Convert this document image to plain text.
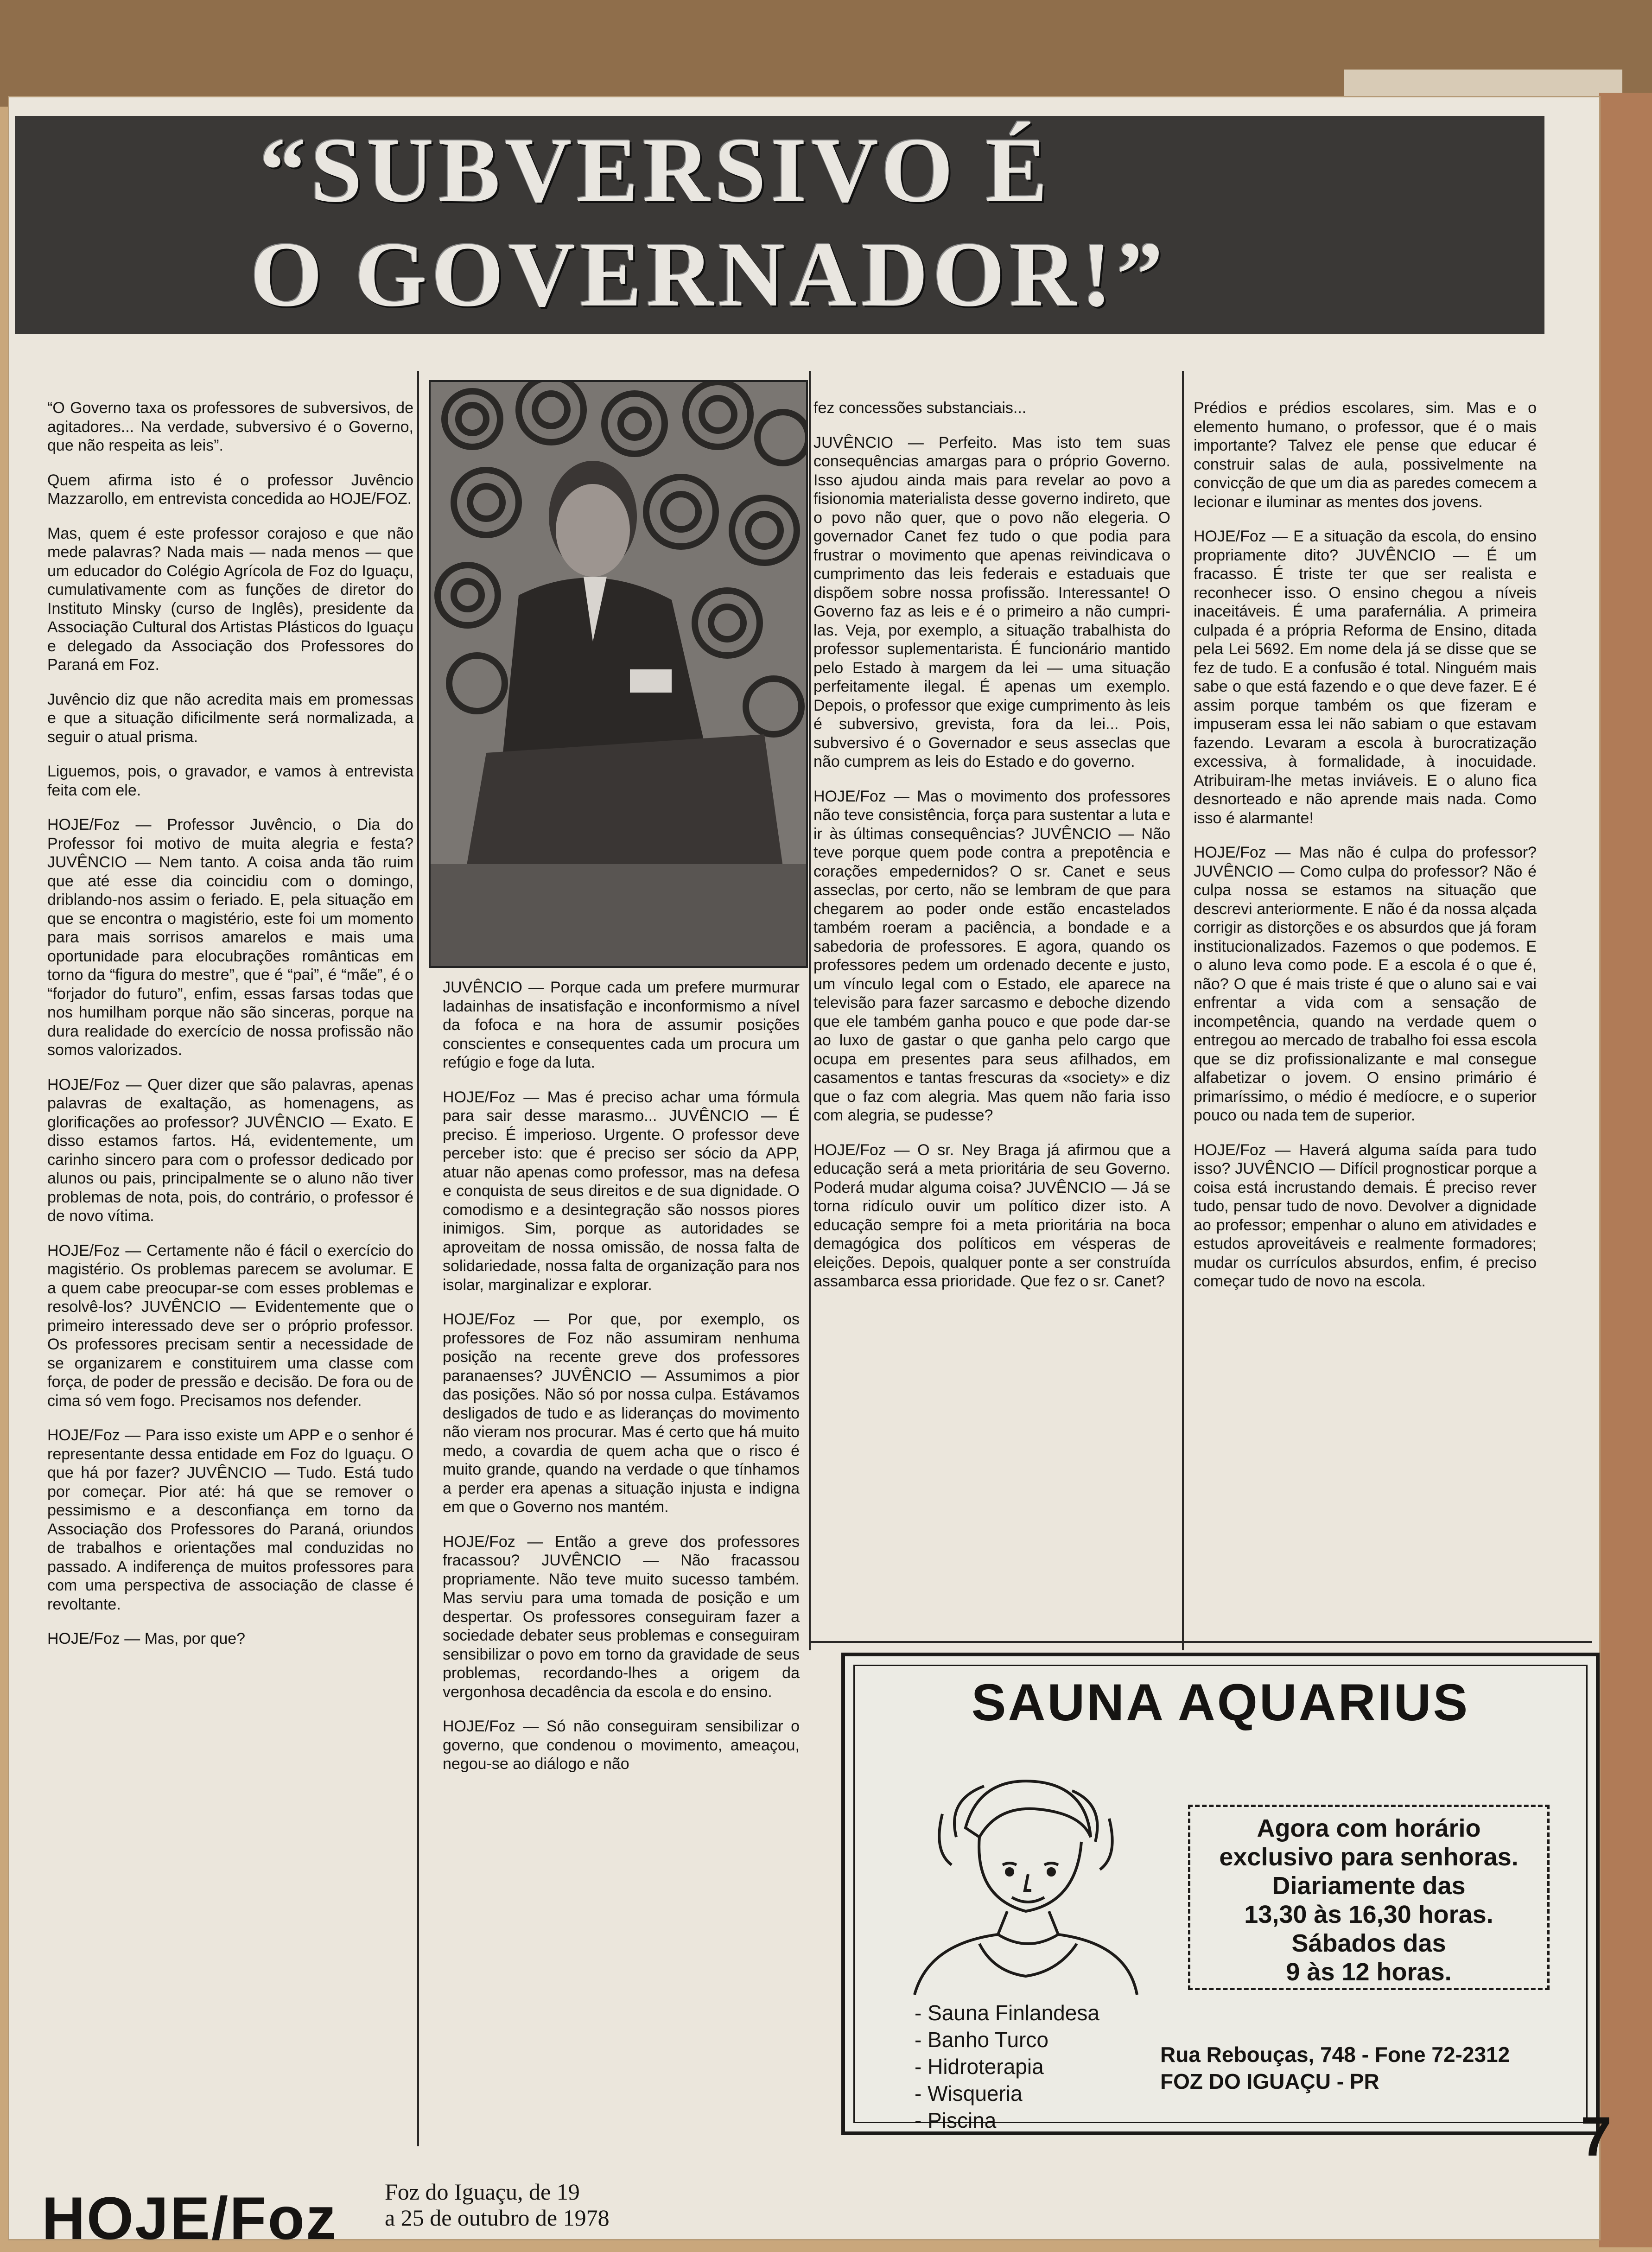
“SUBVERSIVO É
O GOVERNADOR!”

“O Governo taxa os professores de subversivos, de agitadores... Na verdade, subversivo é o Governo, que não respeita as leis”.

Quem afirma isto é o professor Juvêncio Mazzarollo, em entrevista concedida ao HOJE/FOZ.

Mas, quem é este professor corajoso e que não mede palavras? Nada mais — nada menos — que um educador do Colégio Agrícola de Foz do Iguaçu, cumulativamente com as funções de diretor do Instituto Minsky (curso de Inglês), presidente da Associação Cultural dos Artistas Plásticos do Iguaçu e delegado da Associação dos Professores do Paraná em Foz.

Juvêncio diz que não acredita mais em promessas e que a situação dificilmente será normalizada, a seguir o atual prisma.

Liguemos, pois, o gravador, e vamos à entrevista feita com ele.

HOJE/Foz — Professor Juvêncio, o Dia do Professor foi motivo de muita alegria e festa? JUVÊNCIO — Nem tanto. A coisa anda tão ruim que até esse dia coincidiu com o domingo, driblando-nos assim o feriado. E, pela situação em que se encontra o magistério, este foi um momento para mais sorrisos amarelos e mais uma oportunidade para elocubrações românticas em torno da “figura do mestre”, que é “pai”, é “mãe”, é o “forjador do futuro”, enfim, essas farsas todas que nos humilham porque não são sinceras, porque na dura realidade do exercício de nossa profissão não somos valorizados.

HOJE/Foz — Quer dizer que são palavras, apenas palavras de exaltação, as homenagens, as glorificações ao professor? JUVÊNCIO — Exato. E disso estamos fartos. Há, evidentemente, um carinho sincero para com o professor dedicado por alunos ou pais, principalmente se o aluno não tiver problemas de nota, pois, do contrário, o professor é de novo vítima.

HOJE/Foz — Certamente não é fácil o exercício do magistério. Os problemas parecem se avolumar. E a quem cabe preocupar-se com esses problemas e resolvê-los? JUVÊNCIO — Evidentemente que o primeiro interessado deve ser o próprio professor. Os professores precisam sentir a necessidade de se organizarem e constituirem uma classe com força, de poder de pressão e decisão. De fora ou de cima só vem fogo. Precisamos nos defender.

HOJE/Foz — Para isso existe um APP e o senhor é representante dessa entidade em Foz do Iguaçu. O que há por fazer? JUVÊNCIO — Tudo. Está tudo por começar. Pior até: há que se remover o pessimismo e a desconfiança em torno da Associação dos Professores do Paraná, oriundos de trabalhos e orientações mal conduzidas no passado. A indiferença de muitos professores para com uma perspectiva de associação de classe é revoltante.

HOJE/Foz — Mas, por que?

JUVÊNCIO — Porque cada um prefere murmurar ladainhas de insatisfação e inconformismo a nível da fofoca e na hora de assumir posições conscientes e consequentes cada um procura um refúgio e foge da luta.

HOJE/Foz — Mas é preciso achar uma fórmula para sair desse marasmo... JUVÊNCIO — É preciso. É imperioso. Urgente. O professor deve perceber isto: que é preciso ser sócio da APP, atuar não apenas como professor, mas na defesa e conquista de seus direitos e de sua dignidade. O comodismo e a desintegração são nossos piores inimigos. Sim, porque as autoridades se aproveitam de nossa omissão, de nossa falta de solidariedade, nossa falta de organização para nos isolar, marginalizar e explorar.

HOJE/Foz — Por que, por exemplo, os professores de Foz não assumiram nenhuma posição na recente greve dos professores paranaenses? JUVÊNCIO — Assumimos a pior das posições. Não só por nossa culpa. Estávamos desligados de tudo e as lideranças do movimento não vieram nos procurar. Mas é certo que há muito medo, a covardia de quem acha que o risco é muito grande, quando na verdade o que tínhamos a perder era apenas a situação injusta e indigna em que o Governo nos mantém.

HOJE/Foz — Então a greve dos professores fracassou? JUVÊNCIO — Não fracassou propriamente. Não teve muito sucesso também. Mas serviu para uma tomada de posição e um despertar. Os professores conseguiram fazer a sociedade debater seus problemas e conseguiram sensibilizar o povo em torno da gravidade de seus problemas, recordando-lhes a origem da vergonhosa decadência da escola e do ensino.

HOJE/Foz — Só não conseguiram sensibilizar o governo, que condenou o movimento, ameaçou, negou-se ao diálogo e não

fez concessões substanciais...

JUVÊNCIO — Perfeito. Mas isto tem suas consequências amargas para o próprio Governo. Isso ajudou ainda mais para revelar ao povo a fisionomia materialista desse governo indireto, que o povo não quer, que o povo não elegeria. O governador Canet fez tudo o que podia para frustrar o movimento que apenas reivindicava o cumprimento das leis federais e estaduais que dispõem sobre nossa profissão. Interessante! O Governo faz as leis e é o primeiro a não cumpri-las. Veja, por exemplo, a situação trabalhista do professor suplementarista. É funcionário mantido pelo Estado à margem da lei — uma situação perfeitamente ilegal. É apenas um exemplo. Depois, o professor que exige cumprimento às leis é subversivo, grevista, fora da lei... Pois, subversivo é o Governador e seus asseclas que não cumprem as leis do Estado e do governo.

HOJE/Foz — Mas o movimento dos professores não teve consistência, força para sustentar a luta e ir às últimas consequências? JUVÊNCIO — Não teve porque quem pode contra a prepotência e corações empedernidos? O sr. Canet e seus asseclas, por certo, não se lembram de que para chegarem ao poder onde estão encastelados também roeram a paciência, a bondade e a sabedoria de professores. E agora, quando os professores pedem um ordenado decente e justo, um vínculo legal com o Estado, ele aparece na televisão para fazer sarcasmo e deboche dizendo que ele também ganha pouco e que pode dar-se ao luxo de gastar o que ganha pelo cargo que ocupa em presentes para seus afilhados, em casamentos e tantas frescuras da «society» e diz que o faz com alegria. Mas quem não faria isso com alegria, se pudesse?

HOJE/Foz — O sr. Ney Braga já afirmou que a educação será a meta prioritária de seu Governo. Poderá mudar alguma coisa? JUVÊNCIO — Já se torna ridículo ouvir um político dizer isto. A educação sempre foi a meta prioritária na boca demagógica dos políticos em vésperas de eleições. Depois, qualquer ponte a ser construída assambarca essa prioridade. Que fez o sr. Canet?

Prédios e prédios escolares, sim. Mas e o elemento humano, o professor, que é o mais importante? Talvez ele pense que educar é construir salas de aula, possivelmente na convicção de que um dia as paredes comecem a lecionar e iluminar as mentes dos jovens.

HOJE/Foz — E a situação da escola, do ensino propriamente dito? JUVÊNCIO — É um fracasso. É triste ter que ser realista e reconhecer isso. O ensino chegou a níveis inaceitáveis. É uma parafernália. A primeira culpada é a própria Reforma de Ensino, ditada pela Lei 5692. Em nome dela já se disse que se fez de tudo. E a confusão é total. Ninguém mais sabe o que está fazendo e o que deve fazer. E é assim porque também os que fizeram e impuseram essa lei não sabiam o que estavam fazendo. Levaram a escola à burocratização excessiva, à formalidade, à inocuidade. Atribuiram-lhe metas inviáveis. E o aluno fica desnorteado e não aprende mais nada. Como isso é alarmante!

HOJE/Foz — Mas não é culpa do professor? JUVÊNCIO — Como culpa do professor? Não é culpa nossa se estamos na situação que descrevi anteriormente. E não é da nossa alçada corrigir as distorções e os absurdos que já foram institucionalizados. Fazemos o que podemos. E o aluno leva como pode. E a escola é o que é, não? O que é mais triste é que o aluno sai e vai enfrentar a vida com a sensação de incompetência, quando na verdade quem o entregou ao mercado de trabalho foi essa escola que se diz profissionalizante e mal consegue alfabetizar o jovem. O ensino primário é primaríssimo, o médio é medíocre, e o superior pouco ou nada tem de superior.

HOJE/Foz — Haverá alguma saída para tudo isso? JUVÊNCIO — Difícil prognosticar porque a coisa está incrustando demais. É preciso rever tudo, pensar tudo de novo. Devolver a dignidade ao professor; empenhar o aluno em atividades e estudos aproveitáveis e realmente formadores; mudar os currículos absurdos, enfim, é preciso começar tudo de novo na escola.

SAUNA AQUARIUS
Agora com horário
exclusivo para senhoras.
Diariamente das
13,30 às 16,30 horas.
Sábados das
9 às 12 horas.
- Sauna Finlandesa
- Banho Turco
- Hidroterapia
- Wisqueria
- Piscina
Rua Rebouças, 748 - Fone 72-2312
FOZ DO IGUAÇU - PR
7
HOJE/Foz Foz do Iguaçu, de 19
a 25 de outubro de 1978
